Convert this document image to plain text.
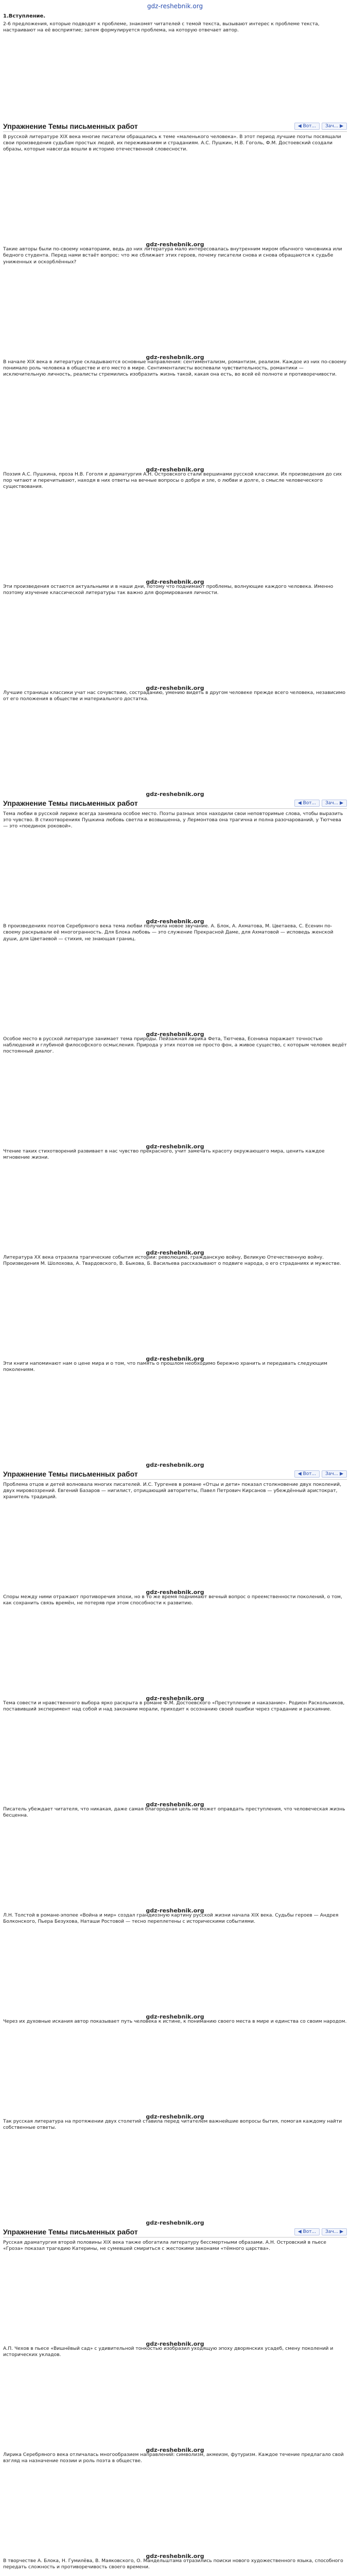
gdz-reshebnik.org
1.Вступление.

2-6 предложения, которые подводят к проблеме, знакомят читателей с темой текста, вызывают интерес к проблеме текста, настраивают на её восприятие; затем формулируется проблема, на которую отвечает автор.

Упражнение Темы письменных работ	◀ Вот...	Зач... ▶

В русской литературе XIX века многие писатели обращались к теме «маленького человека». В этот период лучшие поэты посвящали свои произведения судьбам простых людей, их переживаниям и страданиям. А.С. Пушкин, Н.В. Гоголь, Ф.М. Достоевский создали образы, которые навсегда вошли в историю отечественной словесности.

gdz-reshebnik.org

Такие авторы были по-своему новаторами, ведь до них литература мало интересовалась внутренним миром обычного чиновника или бедного студента. Перед нами встаёт вопрос: что же сближает этих героев, почему писатели снова и снова обращаются к судьбе униженных и оскорблённых?

gdz-reshebnik.org

В начале XIX века в литературе складываются основные направления: сентиментализм, романтизм, реализм. Каждое из них по-своему понимало роль человека в обществе и его место в мире. Сентименталисты воспевали чувствительность, романтики — исключительную личность, реалисты стремились изобразить жизнь такой, какая она есть, во всей её полноте и противоречивости.

gdz-reshebnik.org

Поэзия А.С. Пушкина, проза Н.В. Гоголя и драматургия А.Н. Островского стали вершинами русской классики. Их произведения до сих пор читают и перечитывают, находя в них ответы на вечные вопросы о добре и зле, о любви и долге, о смысле человеческого существования.

gdz-reshebnik.org

Эти произведения остаются актуальными и в наши дни, потому что поднимают проблемы, волнующие каждого человека. Именно поэтому изучение классической литературы так важно для формирования личности.

gdz-reshebnik.org

Лучшие страницы классики учат нас сочувствию, состраданию, умению видеть в другом человеке прежде всего человека, независимо от его положения в обществе и материального достатка.

gdz-reshebnik.org
Упражнение Темы письменных работ	◀ Вот...	Зач... ▶

Тема любви в русской лирике всегда занимала особое место. Поэты разных эпох находили свои неповторимые слова, чтобы выразить это чувство. В стихотворениях Пушкина любовь светла и возвышенна, у Лермонтова она трагична и полна разочарований, у Тютчева — это «поединок роковой».

gdz-reshebnik.org

В произведениях поэтов Серебряного века тема любви получила новое звучание. А. Блок, А. Ахматова, М. Цветаева, С. Есенин по-своему раскрывали её многогранность. Для Блока любовь — это служение Прекрасной Даме, для Ахматовой — исповедь женской души, для Цветаевой — стихия, не знающая границ.

gdz-reshebnik.org

Особое место в русской литературе занимает тема природы. Пейзажная лирика Фета, Тютчева, Есенина поражает точностью наблюдений и глубиной философского осмысления. Природа у этих поэтов не просто фон, а живое существо, с которым человек ведёт постоянный диалог.

gdz-reshebnik.org

Чтение таких стихотворений развивает в нас чувство прекрасного, учит замечать красоту окружающего мира, ценить каждое мгновение жизни.

gdz-reshebnik.org

Литература XX века отразила трагические события истории: революцию, гражданскую войну, Великую Отечественную войну. Произведения М. Шолохова, А. Твардовского, В. Быкова, Б. Васильева рассказывают о подвиге народа, о его страданиях и мужестве.

gdz-reshebnik.org

Эти книги напоминают нам о цене мира и о том, что память о прошлом необходимо бережно хранить и передавать следующим поколениям.

gdz-reshebnik.org
Упражнение Темы письменных работ	◀ Вот...	Зач... ▶

Проблема отцов и детей волновала многих писателей. И.С. Тургенев в романе «Отцы и дети» показал столкновение двух поколений, двух мировоззрений. Евгений Базаров — нигилист, отрицающий авторитеты, Павел Петрович Кирсанов — убеждённый аристократ, хранитель традиций.

gdz-reshebnik.org

Споры между ними отражают противоречия эпохи, но в то же время поднимают вечный вопрос о преемственности поколений, о том, как сохранить связь времён, не потеряв при этом способности к развитию.

gdz-reshebnik.org

Тема совести и нравственного выбора ярко раскрыта в романе Ф.М. Достоевского «Преступление и наказание». Родион Раскольников, поставивший эксперимент над собой и над законами морали, приходит к осознанию своей ошибки через страдание и раскаяние.

gdz-reshebnik.org

Писатель убеждает читателя, что никакая, даже самая благородная цель не может оправдать преступления, что человеческая жизнь бесценна.

gdz-reshebnik.org

Л.Н. Толстой в романе-эпопее «Война и мир» создал грандиозную картину русской жизни начала XIX века. Судьбы героев — Андрея Болконского, Пьера Безухова, Наташи Ростовой — тесно переплетены с историческими событиями.

gdz-reshebnik.org

Через их духовные искания автор показывает путь человека к истине, к пониманию своего места в мире и единства со своим народом.

gdz-reshebnik.org

Так русская литература на протяжении двух столетий ставила перед читателем важнейшие вопросы бытия, помогая каждому найти собственные ответы.

gdz-reshebnik.org
Упражнение Темы письменных работ	◀ Вот...	Зач... ▶

Русская драматургия второй половины XIX века также обогатила литературу бессмертными образами. А.Н. Островский в пьесе «Гроза» показал трагедию Катерины, не сумевшей смириться с жестокими законами «тёмного царства».

gdz-reshebnik.org

А.П. Чехов в пьесе «Вишнёвый сад» с удивительной тонкостью изобразил уходящую эпоху дворянских усадеб, смену поколений и исторических укладов.

gdz-reshebnik.org

Лирика Серебряного века отличалась многообразием направлений: символизм, акмеизм, футуризм. Каждое течение предлагало свой взгляд на назначение поэзии и роль поэта в обществе.

gdz-reshebnik.org

В творчестве А. Блока, Н. Гумилёва, В. Маяковского, О. Мандельштама отразились поиски нового художественного языка, способного передать сложность и противоречивость своего времени.
